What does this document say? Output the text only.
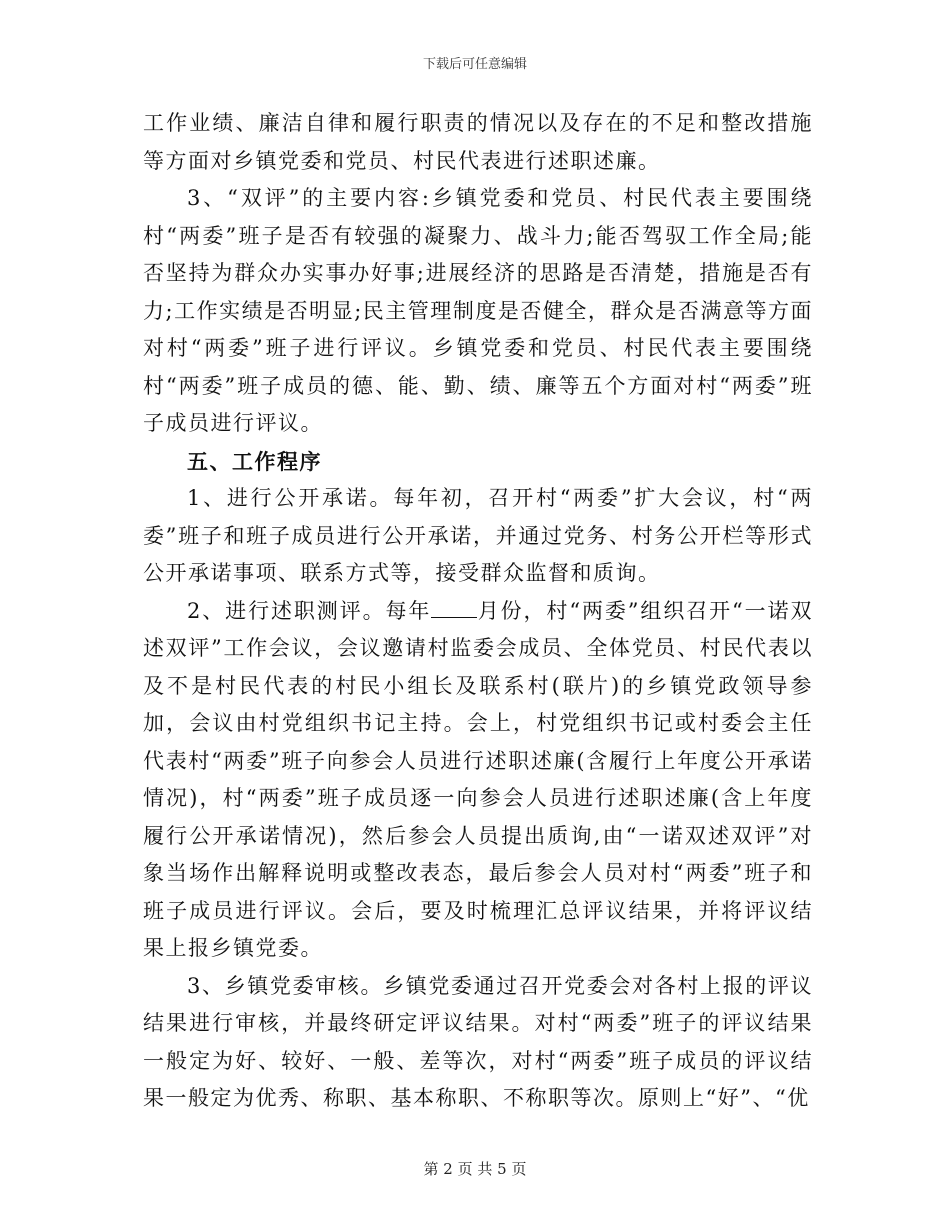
下载后可任意编辑

工作业绩、廉洁自律和履行职责的情况以及存在的不足和整改措施等方面对乡镇党委和党员、村民代表进行述职述廉。

3、“双评”的主要内容:乡镇党委和党员、村民代表主要围绕村“两委”班子是否有较强的凝聚力、战斗力;能否驾驭工作全局;能否坚持为群众办实事办好事;进展经济的思路是否清楚，措施是否有力;工作实绩是否明显;民主管理制度是否健全，群众是否满意等方面对村“两委”班子进行评议。乡镇党委和党员、村民代表主要围绕村“两委”班子成员的德、能、勤、绩、廉等五个方面对村“两委”班子成员进行评议。

五、工作程序

1、进行公开承诺。每年初，召开村“两委”扩大会议，村“两委”班子和班子成员进行公开承诺，并通过党务、村务公开栏等形式公开承诺事项、联系方式等，接受群众监督和质询。

2、进行述职测评。每年 月份，村“两委”组织召开“一诺双述双评”工作会议，会议邀请村监委会成员、全体党员、村民代表以及不是村民代表的村民小组长及联系村(联片)的乡镇党政领导参加，会议由村党组织书记主持。会上，村党组织书记或村委会主任代表村“两委”班子向参会人员进行述职述廉(含履行上年度公开承诺情况)，村“两委”班子成员逐一向参会人员进行述职述廉(含上年度履行公开承诺情况)，然后参会人员提出质询,由“一诺双述双评”对象当场作出解释说明或整改表态，最后参会人员对村“两委”班子和班子成员进行评议。会后，要及时梳理汇总评议结果，并将评议结果上报乡镇党委。

3、乡镇党委审核。乡镇党委通过召开党委会对各村上报的评议结果进行审核，并最终研定评议结果。对村“两委”班子的评议结果一般定为好、较好、一般、差等次，对村“两委”班子成员的评议结果一般定为优秀、称职、基本称职、不称职等次。原则上“好”、“优

第 2 页 共 5 页
